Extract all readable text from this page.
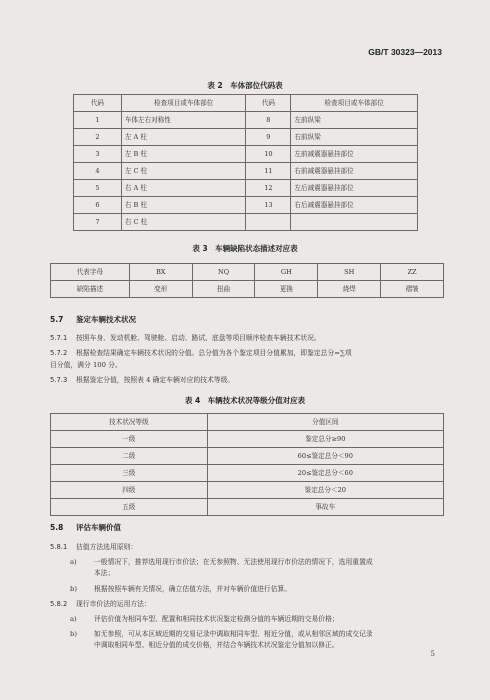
GB/T 30323—2013
表 2　车体部位代码表
代码	检查项目或车体部位	代码	检查项目或车体部位
1	车体左右对称性	8	左前纵梁
2	左 A 柱	9	右前纵梁
3	左 B 柱	10	左前减震器悬挂部位
4	左 C 柱	11	右前减震器悬挂部位
5	右 A 柱	12	左后减震器悬挂部位
6	右 B 柱	13	右后减震器悬挂部位
7	右 C 柱		
表 3　车辆缺陷状态描述对应表
代表字母	BX	NQ	GH	SH	ZZ
缺陷描述	变形	扭曲	更换	烧焊	褶皱
5.7 鉴定车辆技术状况
5.7.1 按照车身、发动机舱、驾驶舱、启动、路试、底盘等项目顺序检查车辆技术状况。
5.7.2 根据检查结果确定车辆技术状况的分值。总分值为各个鉴定项目分值累加，即鉴定总分=∑项
目分值，满分 100 分。
5.7.3 根据鉴定分值，按照表 4 确定车辆对应的技术等级。
表 4　车辆技术状况等级分值对应表
技术状况等级	分值区间
一级	鉴定总分≥90
二级	60≤鉴定总分＜90
三级	20≤鉴定总分＜60
四级	鉴定总分＜20
五级	事故车
5.8 评估车辆价值
5.8.1 估值方法选用原则：
a)	一般情况下，推荐选用现行市价法；在无参照物、无法使用现行市价法的情况下，选用重置成
本法；
b)	根据按照车辆有关情况，确立估值方法，并对车辆价值进行估算。
5.8.2 现行市价法的运用方法：
a)	评估价值为相同车型、配置和相同技术状况鉴定检测分值的车辆近期的交易价格；
b)	如无参照，可从本区域近期的交易记录中调取相同车型、相近分值，或从相邻区域的成交记录
中调取相同车型、相近分值的成交价格，并结合车辆技术状况鉴定分值加以修正。
5
